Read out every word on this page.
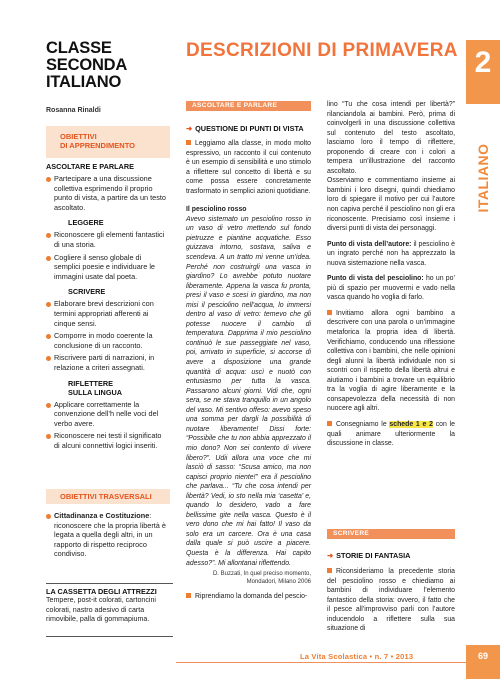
CLASSE SECONDA
ITALIANO
Rosanna Rinaldi
OBIETTIVI
DI APPRENDIMENTO
ASCOLTARE E PARLARE
Partecipare a una discussione collettiva esprimendo il proprio punto di vista, a partire da un testo ascoltato.
LEGGERE
Riconoscere gli elementi fantastici di una storia.
Cogliere il senso globale di semplici poesie e individuare le immagini usate dal poeta.
SCRIVERE
Elaborare brevi descrizioni con termini appropriati afferenti ai cinque sensi.
Comporre in modo coerente la conclusione di un racconto.
Riscrivere parti di narrazioni, in relazione a criteri assegnati.
RIFLETTERE
SULLA LINGUA
Applicare correttamente la convenzione dell’h nelle voci del verbo avere.
Riconoscere nei testi il significato di alcuni connettivi logici inseriti.
OBIETTIVI TRASVERSALI
Cittadinanza e Costituzione: riconoscere che la propria libertà è legata a quella degli altri, in un rapporto di rispetto reciproco condiviso.
LA CASSETTA DEGLI ATTREZZI
Tempere, post-it colorati, cartoncini colorati, nastro adesivo di carta rimovibile, palla di gommapiuma.
DESCRIZIONI DI PRIMAVERA 2
ITALIANO
ASCOLTARE E PARLARE
➜ QUESTIONE DI PUNTI DI VISTA
Leggiamo alla classe, in modo molto espressivo, un racconto il cui contenuto è un esempio di sensibilità e uno stimolo a riflettere sul concetto di libertà e su come possa essere concretamente trasformato in semplici azioni quotidiane.
Il pesciolino rosso
Avevo sistemato un pesciolino rosso in un vaso di vetro mettendo sul fondo pietruzze e piantine acquatiche. Esso guizzava intorno, sostava, saliva e scendeva. A un tratto mi venne un’idea. Perché non costruirgli una vasca in giardino? Lo avrebbe potuto nuotare liberamente. Appena la vasca fu pronta, presi il vaso e scesi in giardino, ma non misi il pesciolino nell’acqua, lo immersi dentro al vaso di vetro: temevo che gli potesse nuocere il cambio di temperatura. Dapprima il mio pesciolino continuò le sue passeggiate nel vaso, poi, arrivato in superficie, si accorse di avere a disposizione una grande quantità di acqua: uscì e nuotò con entusiasmo per tutta la vasca. Passarono alcuni giorni. Vidi che, ogni sera, se ne stava tranquillo in un angolo del vaso. Mi sentivo offeso: avevo speso una somma per dargli la possibilità di nuotare liberamente! Dissi forte: “Possibile che tu non abbia apprezzato il mio dono? Non sei contento di vivere libero?”. Udii allora una voce che mi lasciò di sasso: “Scusa amico, ma non capisci proprio niente!” era il pesciolino che parlava... “Tu che cosa intendi per libertà? Vedi, io sto nella mia ‘casetta’ e, quando lo desidero, vado a fare bellissime gite nella vasca. Questo è il vero dono che mi hai fatto! Il vaso da solo era un carcere. Ora è una casa dalla quale si può uscire a piacere. Questa è la differenza. Hai capito adesso?”. Mi allontanai riflettendo.
D. Buzzati, In quel preciso momento,
Mondadori, Milano 2006
Riprendiamo la domanda del pescio-
lino “Tu che cosa intendi per libertà?” rilanciandola ai bambini. Però, prima di coinvolgerli in una discussione collettiva sul contenuto del testo ascoltato, lasciamo loro il tempo di riflettere, proponendo di creare con i colori a tempera un’illustrazione del racconto ascoltato.
Osserviamo e commentiamo insieme ai bambini i loro disegni, quindi chiediamo loro di spiegare il motivo per cui l’autore non capiva perché il pesciolino non gli era riconoscente. Precisiamo così insieme i diversi punti di vista dei personaggi.
Punto di vista dell’autore: il pesciolino è un ingrato perché non ha apprezzato la nuova sistemazione nella vasca.
Punto di vista del pesciolino: ho un po’ più di spazio per muovermi e vado nella vasca quando ho voglia di farlo.
Invitiamo allora ogni bambino a descrivere con una parola o un’immagine metaforica la propria idea di libertà. Verifichiamo, conducendo una riflessione collettiva con i bambini, che nelle opinioni degli alunni la libertà individuale non si scontri con il rispetto della libertà altrui e aiutiamo i bambini a trovare un equilibrio tra la voglia di agire liberamente e la consapevolezza della necessità di non nuocere agli altri.
Consegniamo le schede 1 e 2 con le quali animare ulteriormente la discussione in classe.
SCRIVERE
➜ STORIE DI FANTASIA
Riconsideriamo la precedente storia del pesciolino rosso e chiediamo ai bambini di individuare l’elemento fantastico della storia: ovvero, il fatto che il pesce all’improvviso parli con l’autore inducendolo a riflettere sulla sua situazione di
La Vita Scolastica • n. 7 • 2013	69
